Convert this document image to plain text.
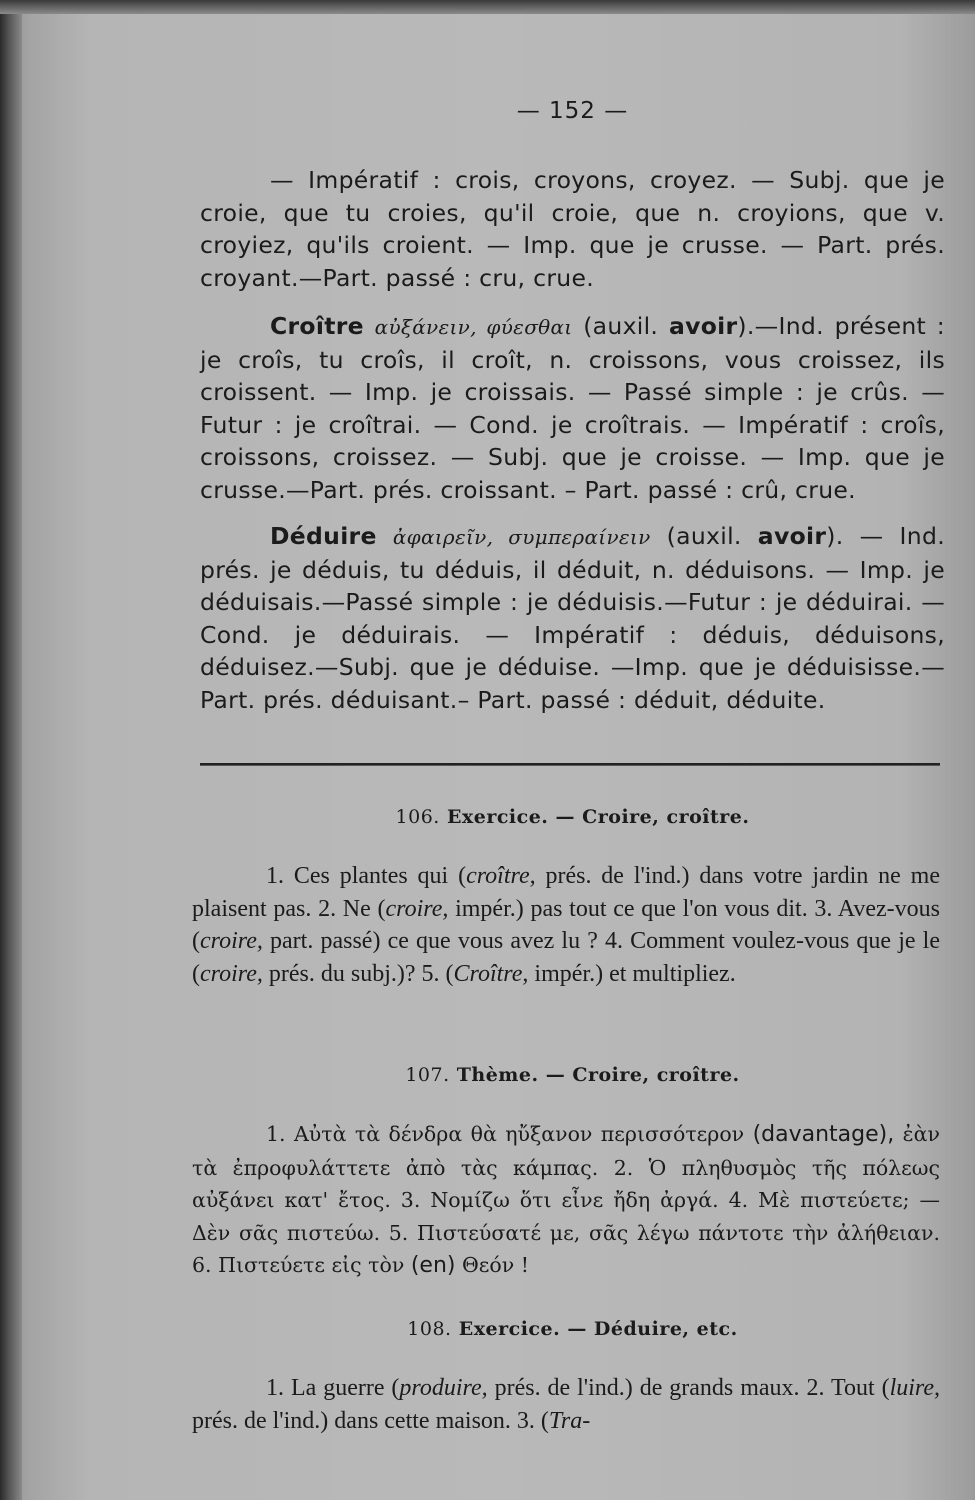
— 152 —

— Impératif : crois, croyons, croyez. — Subj. que je croie, que tu croies, qu'il croie, que n. croyions, que v. croyiez, qu'ils croient. — Imp. que je crusse. — Part. prés. croyant.—Part. passé : cru, crue.

Croître αὐξάνειν, φύεσθαι (auxil. avoir).—Ind. présent : je croîs, tu croîs, il croît, n. croissons, vous croissez, ils croissent. — Imp. je croissais. — Passé simple : je crûs. — Futur : je croîtrai. — Cond. je croîtrais. — Impératif : croîs, croissons, croissez. — Subj. que je croisse. — Imp. que je crusse.—Part. prés. croissant. – Part. passé : crû, crue.

Déduire ἀφαιρεῖν, συμπεραίνειν (auxil. avoir). — Ind. prés. je déduis, tu déduis, il déduit, n. déduisons. — Imp. je déduisais.—Passé simple : je déduisis.—Futur : je déduirai. —Cond. je déduirais. — Impératif : déduis, déduisons, déduisez.—Subj. que je déduise. —Imp. que je déduisisse.— Part. prés. déduisant.– Part. passé : déduit, déduite.

106. Exercice. — Croire, croître.

1. Ces plantes qui (croître, prés. de l'ind.) dans votre jardin ne me plaisent pas. 2. Ne (croire, impér.) pas tout ce que l'on vous dit. 3. Avez-vous (croire, part. passé) ce que vous avez lu ? 4. Comment voulez-vous que je le (croire, prés. du subj.)? 5. (Croître, impér.) et multipliez.

107. Thème. — Croire, croître.

1. Αὐτὰ τὰ δένδρα θὰ ηὔξανον περισσότερον (davantage), ἐὰν τὰ ἐπροφυλάττετε ἀπὸ τὰς κάμπας. 2. Ὁ πληθυσμὸς τῆς πόλεως αὐξάνει κατ' ἔτος. 3. Νομίζω ὅτι εἶνε ἤδη ἀργά. 4. Μὲ πιστεύετε; — Δὲν σᾶς πιστεύω. 5. Πιστεύσατέ με, σᾶς λέγω πάντοτε τὴν ἀλήθειαν. 6. Πιστεύετε εἰς τὸν (en) Θεόν !

108. Exercice. — Déduire, etc.

1. La guerre (produire, prés. de l'ind.) de grands maux. 2. Tout (luire, prés. de l'ind.) dans cette maison. 3. (Tra-
